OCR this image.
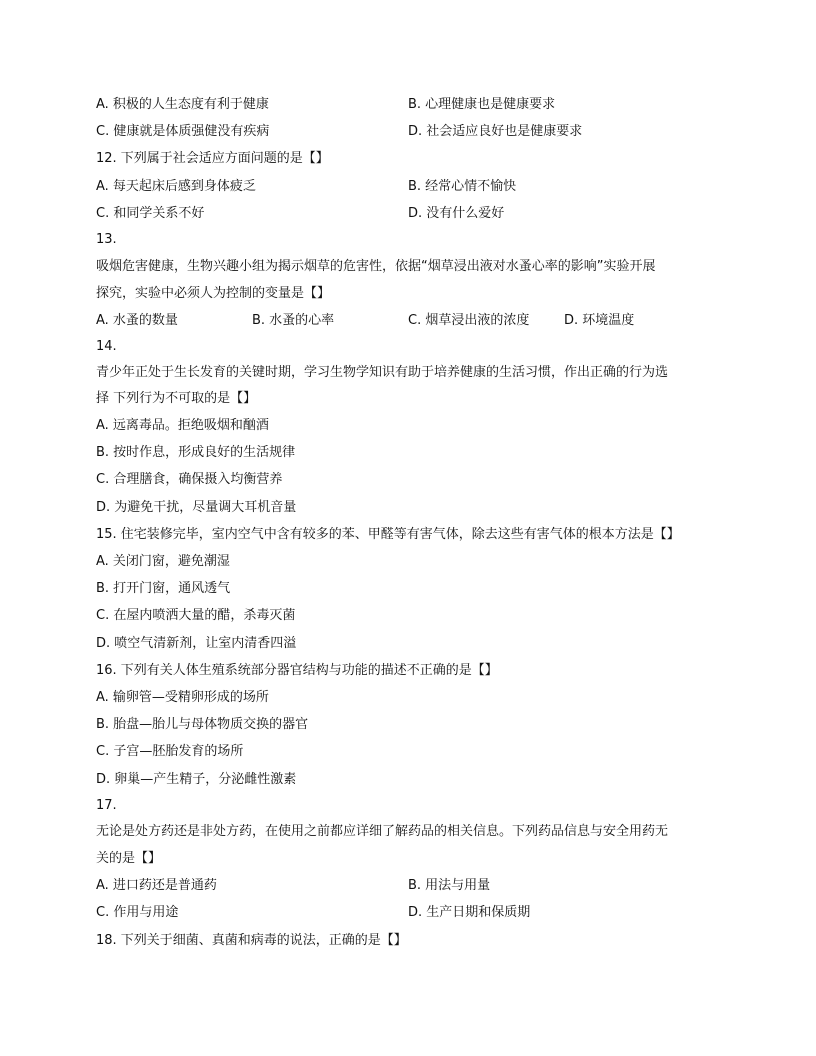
A. 积极的人生态度有利于健康	B. 心理健康也是健康要求
C. 健康就是体质强健没有疾病	D. 社会适应良好也是健康要求
12. 下列属于社会适应方面问题的是【】
A. 每天起床后感到身体疲乏	B. 经常心情不愉快
C. 和同学关系不好	D. 没有什么爱好
13.
吸烟危害健康，生物兴趣小组为揭示烟草的危害性，依据“烟草浸出液对水蚤心率的影响”实验开展
探究，实验中必须人为控制的变量是【】
A. 水蚤的数量	B. 水蚤的心率	C. 烟草浸出液的浓度	D. 环境温度
14.
青少年正处于生长发育的关键时期，学习生物学知识有助于培养健康的生活习惯，作出正确的行为选
择 下列行为不可取的是【】
A. 远离毒品。拒绝吸烟和酗酒
B. 按时作息，形成良好的生活规律
C. 合理膳食，确保摄入均衡营养
D. 为避免干扰，尽量调大耳机音量
15. 住宅装修完毕，室内空气中含有较多的苯、甲醛等有害气体，除去这些有害气体的根本方法是【】
A. 关闭门窗，避免潮湿
B. 打开门窗，通风透气
C. 在屋内喷洒大量的醋，杀毒灭菌
D. 喷空气清新剂，让室内清香四溢
16. 下列有关人体生殖系统部分器官结构与功能的描述不正确的是【】
A. 输卵管—受精卵形成的场所
B. 胎盘—胎儿与母体物质交换的器官
C. 子宫—胚胎发育的场所
D. 卵巢—产生精子，分泌雌性激素
17.
无论是处方药还是非处方药，在使用之前都应详细了解药品的相关信息。下列药品信息与安全用药无
关的是【】
A. 进口药还是普通药	B. 用法与用量
C. 作用与用途	D. 生产日期和保质期
18. 下列关于细菌、真菌和病毒的说法，正确的是【】
